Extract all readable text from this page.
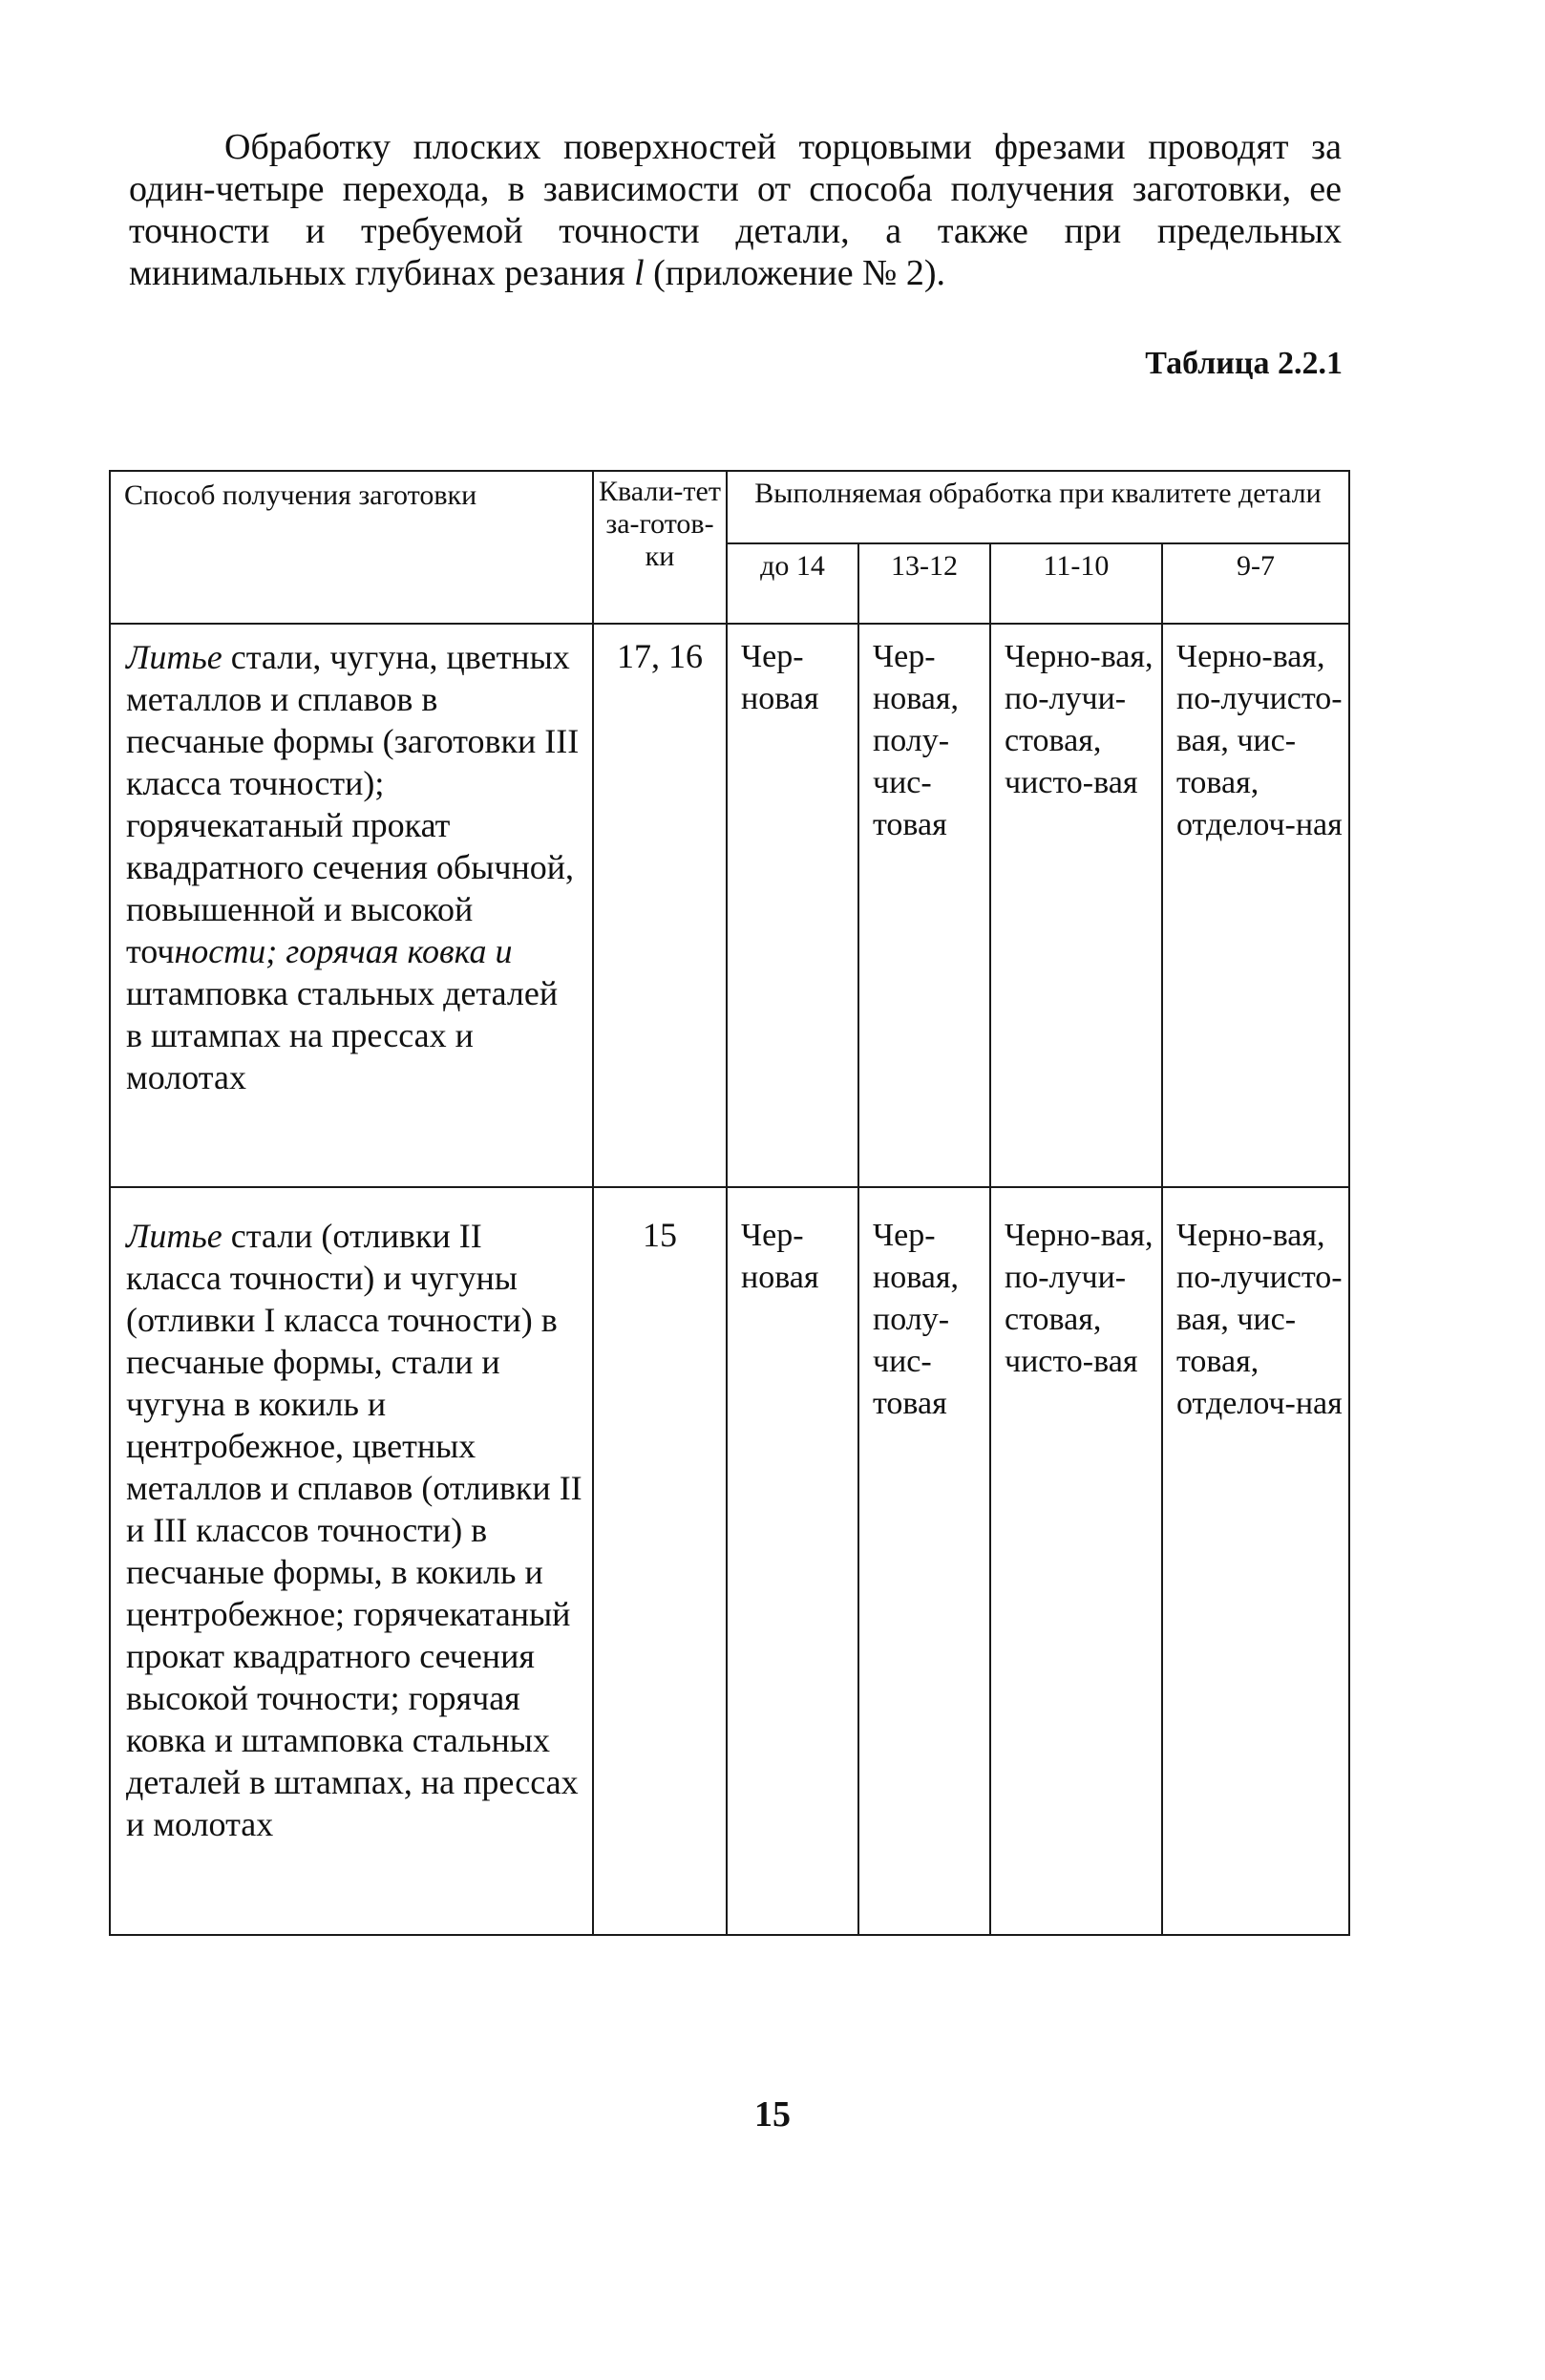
Обработку плоских поверхностей торцовыми фрезами проводят за один-четыре перехода, в зависимости от способа получения заготовки, ее точности и требуемой точности детали, а также при предельных минимальных глубинах резания l (приложение № 2).

Таблица 2.2.1

Способ получения заготовки	Квали-тет за-готов-ки	Выполняемая обработка при квалитете детали			
		до 14	13-12	11-10	9-7
Литье стали, чугуна, цветных металлов и сплавов в песчаные формы (заготовки III класса точности); горячекатаный прокат квадратного сечения обычной, повышенной и высокой точности; горячая ковка и штамповка стальных деталей в штампах на прессах и молотах	17, 16	Чер-новая	Чер-новая, полу-чис-товая	Черно-вая, по-лучи-стовая, чисто-вая	Черно-вая, по-лучисто-вая, чис-товая, отделоч-ная
Литье стали (отливки II класса точности) и чугуны (отливки I класса точности) в песчаные формы, стали и чугуна в кокиль и центробежное, цветных металлов и сплавов (отливки II и III классов точности) в песчаные формы, в кокиль и центробежное; горячекатаный прокат квадратного сечения высокой точности; горячая ковка и штамповка стальных деталей в штампах, на прессах и молотах	15	Чер-новая	Чер-новая, полу-чис-товая	Черно-вая, по-лучи-стовая, чисто-вая	Черно-вая, по-лучисто-вая, чис-товая, отделоч-ная

15
